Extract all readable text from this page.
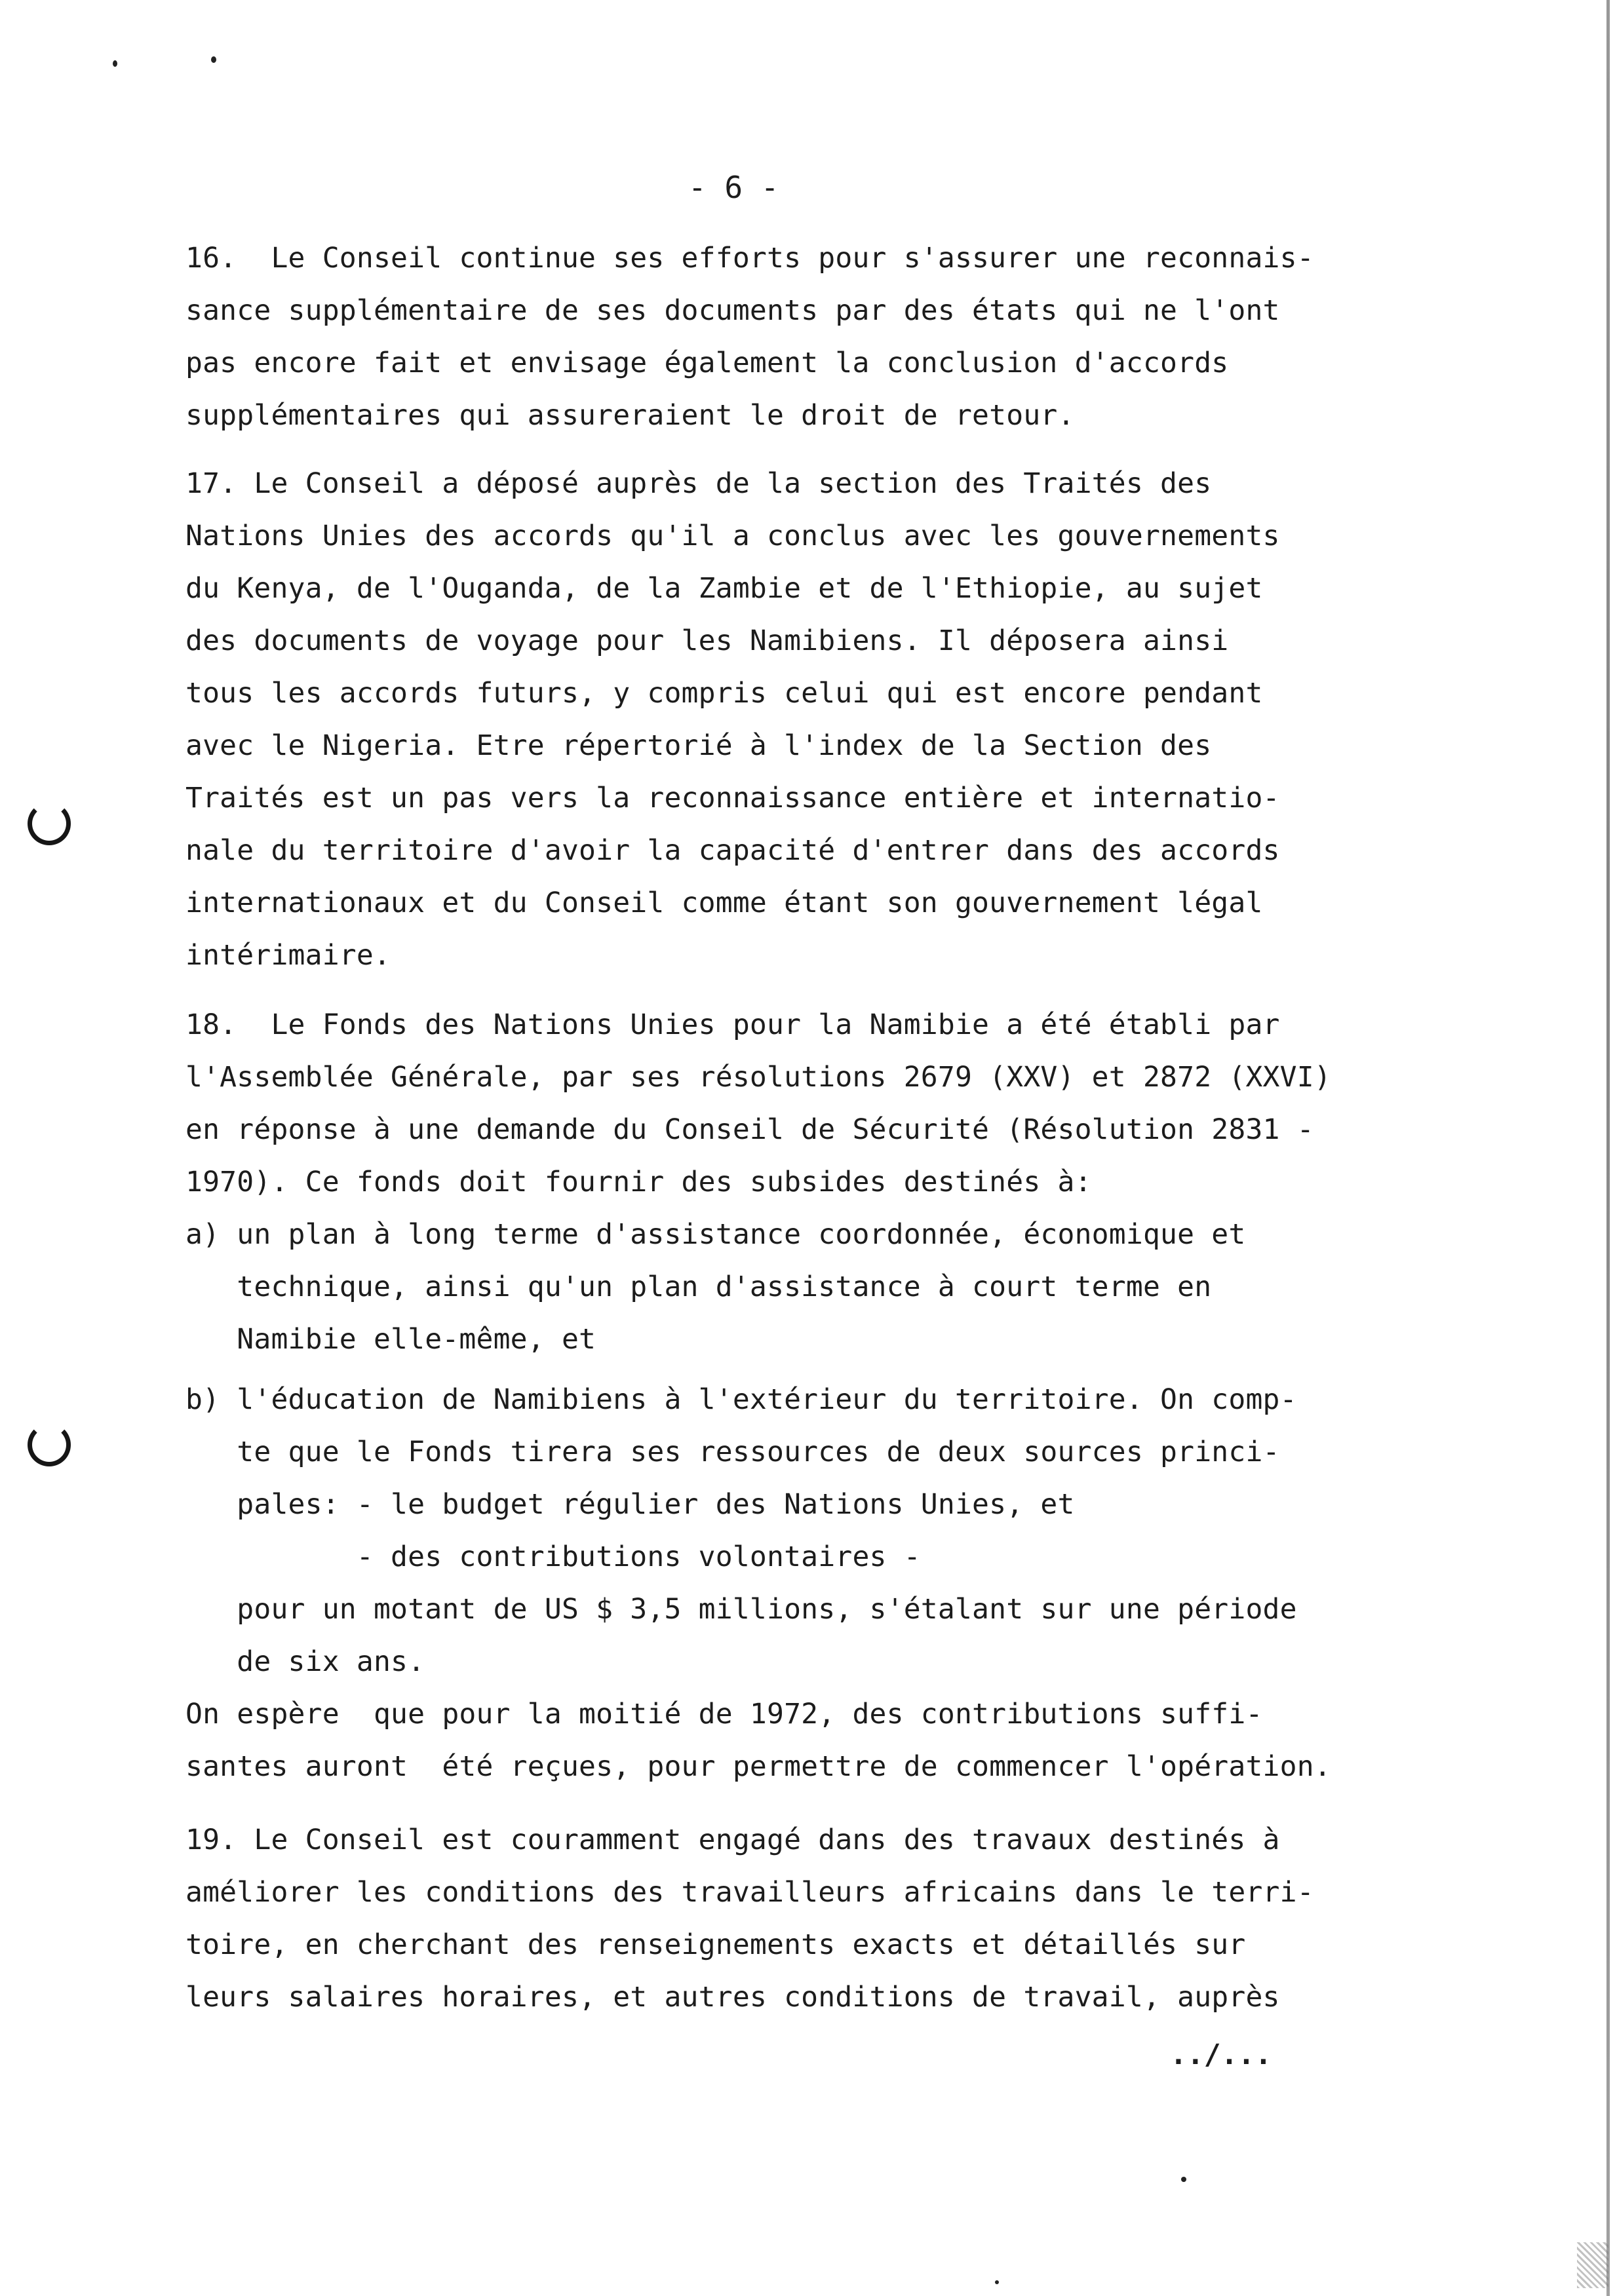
- 6 -
16.  Le Conseil continue ses efforts pour s'assurer une reconnais-
sance supplémentaire de ses documents par des états qui ne l'ont
pas encore fait et envisage également la conclusion d'accords
supplémentaires qui assureraient le droit de retour.
17. Le Conseil a déposé auprès de la section des Traités des
Nations Unies des accords qu'il a conclus avec les gouvernements
du Kenya, de l'Ouganda, de la Zambie et de l'Ethiopie, au sujet
des documents de voyage pour les Namibiens. Il déposera ainsi
tous les accords futurs, y compris celui qui est encore pendant
avec le Nigeria. Etre répertorié à l'index de la Section des
Traités est un pas vers la reconnaissance entière et internatio-
nale du territoire d'avoir la capacité d'entrer dans des accords
internationaux et du Conseil comme étant son gouvernement légal
intérimaire.
18.  Le Fonds des Nations Unies pour la Namibie a été établi par
l'Assemblée Générale, par ses résolutions 2679 (XXV) et 2872 (XXVI)
en réponse à une demande du Conseil de Sécurité (Résolution 2831 -
1970). Ce fonds doit fournir des subsides destinés à:
a) un plan à long terme d'assistance coordonnée, économique et
technique, ainsi qu'un plan d'assistance à court terme en
Namibie elle-même, et
b) l'éducation de Namibiens à l'extérieur du territoire. On comp-
te que le Fonds tirera ses ressources de deux sources princi-
pales: - le budget régulier des Nations Unies, et
- des contributions volontaires -
pour un motant de US $ 3,5 millions, s'étalant sur une période
de six ans.
On espère  que pour la moitié de 1972, des contributions suffi-
santes auront  été reçues, pour permettre de commencer l'opération.
19. Le Conseil est couramment engagé dans des travaux destinés à
améliorer les conditions des travailleurs africains dans le terri-
toire, en cherchant des renseignements exacts et détaillés sur
leurs salaires horaires, et autres conditions de travail, auprès
../...
